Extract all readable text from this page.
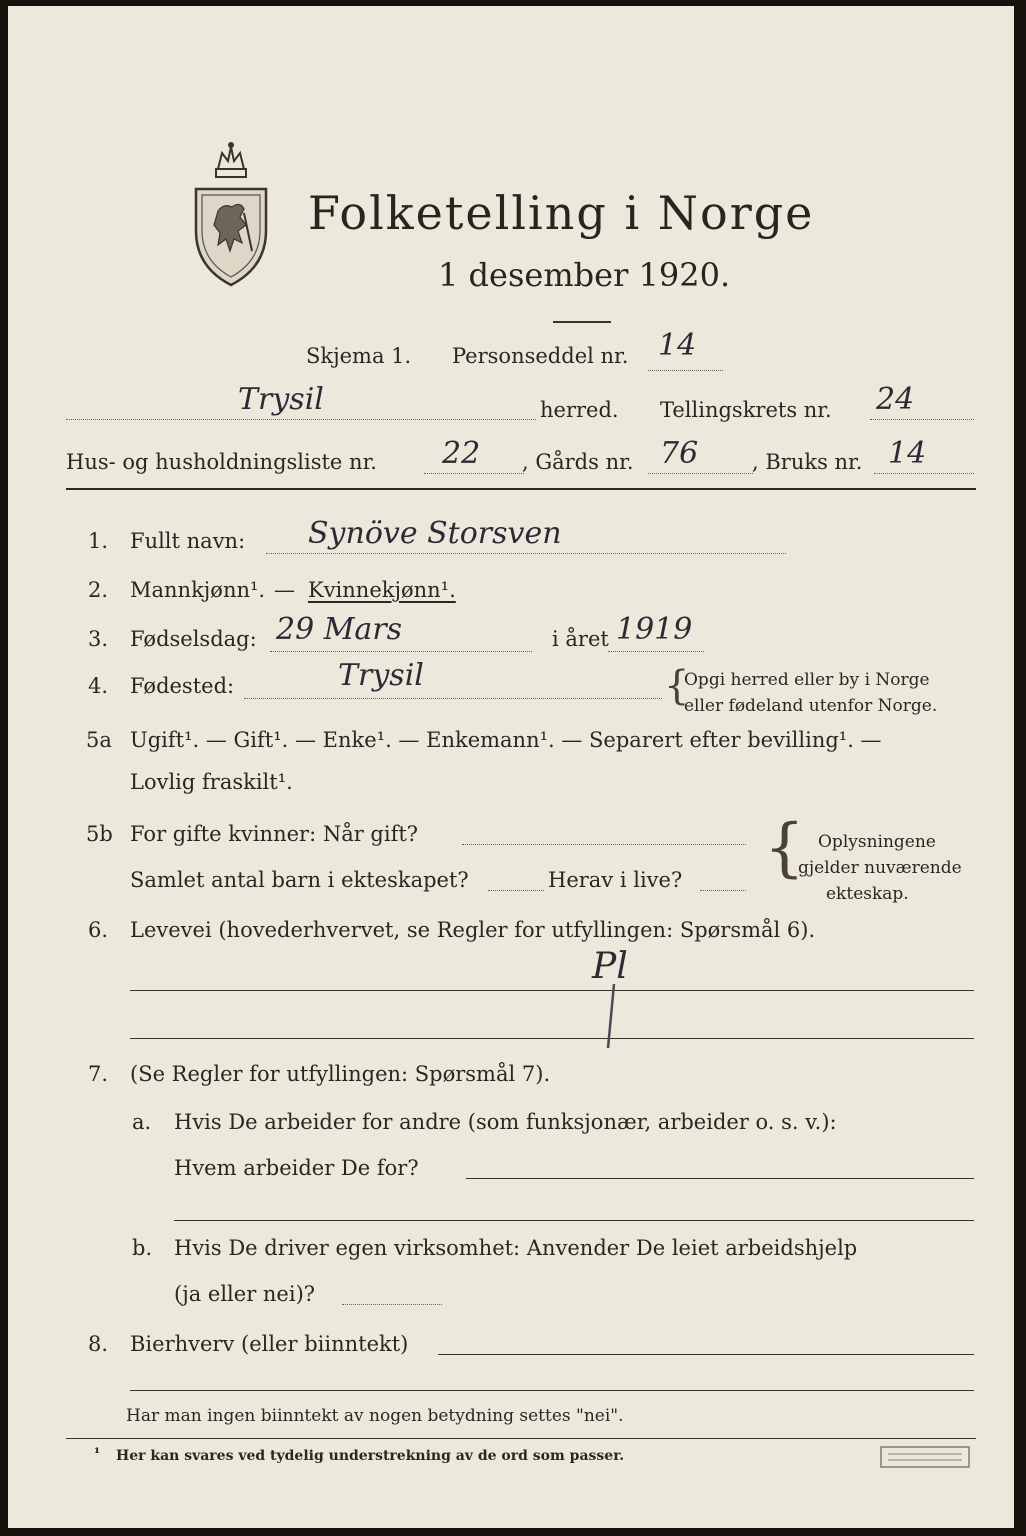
Folketelling i Norge
1 desember 1920.
Skjema 1. Personseddel nr. 14
Trysil	herred. Tellingskrets nr. 24
Hus- og husholdningsliste nr. 22 , Gårds nr. 76	, Bruks nr. 14
1. Fullt navn: Synöve Storsven
2. Mannkjønn¹. — Kvinnekjønn¹.
3. Fødselsdag: 29 Mars	i året 1919
4. Fødested:	Trysil	{
Opgi herred eller by i Norge
eller fødeland utenfor Norge.
5a Ugift¹. — Gift¹. — Enke¹. — Enkemann¹. — Separert efter bevilling¹. —
Lovlig fraskilt¹.
5b For gifte kvinner: Når gift?
Samlet antal barn i ekteskapet?	Herav i live? { Oplysningene
gjelder nuværende
ekteskap.
6. Levevei (hovederhvervet, se Regler for utfyllingen: Spørsmål 6).
Pl
7. (Se Regler for utfyllingen: Spørsmål 7).
a. Hvis De arbeider for andre (som funksjonær, arbeider o. s. v.):
Hvem arbeider De for?
b. Hvis De driver egen virksomhet: Anvender De leiet arbeidshjelp
(ja eller nei)?
8. Bierhverv (eller biinntekt)
Har man ingen biinntekt av nogen betydning settes "nei".
¹ Her kan svares ved tydelig understrekning av de ord som passer.
